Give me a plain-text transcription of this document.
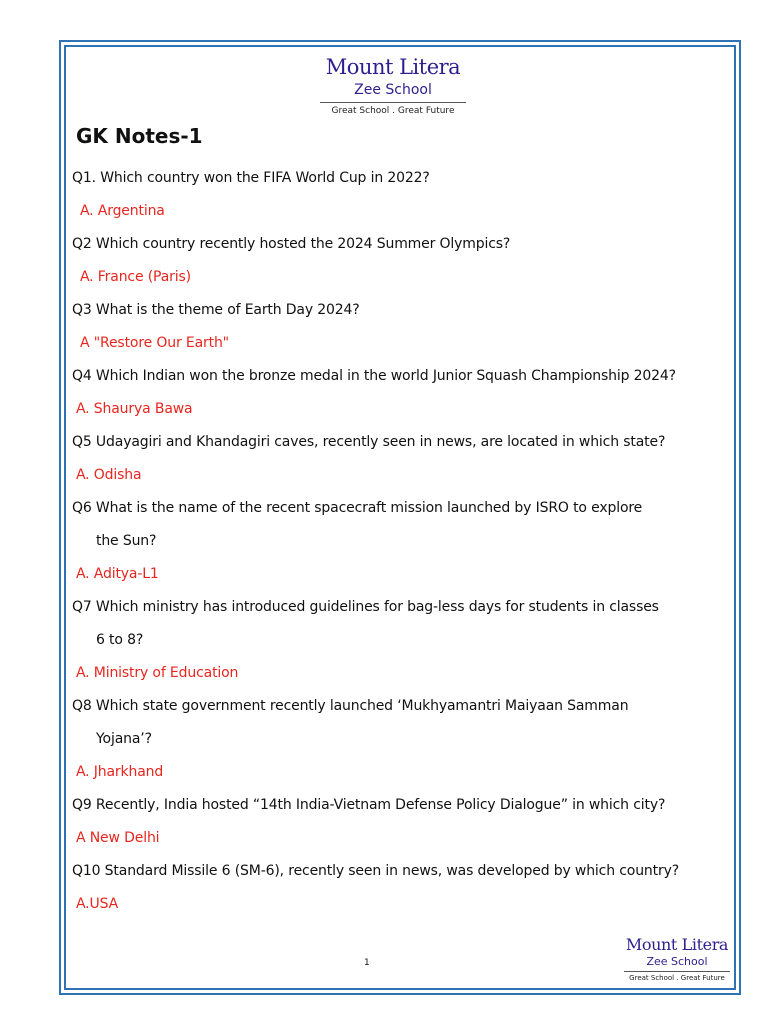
Mount Litera
Zee School
Great School . Great Future
GK Notes-1
Q1. Which country won the FIFA World Cup in 2022?
A. Argentina
Q2 Which country recently hosted the 2024 Summer Olympics?
A. France (Paris)
Q3 What is the theme of Earth Day 2024?
A "Restore Our Earth"
Q4 Which Indian won the bronze medal in the world Junior Squash Championship 2024?
A. Shaurya Bawa
Q5 Udayagiri and Khandagiri caves, recently seen in news, are located in which state?
A. Odisha
Q6 What is the name of the recent spacecraft mission launched by ISRO to explore
the Sun?
A. Aditya-L1
Q7 Which ministry has introduced guidelines for bag-less days for students in classes
6 to 8?
A. Ministry of Education
Q8 Which state government recently launched ‘Mukhyamantri Maiyaan Samman
Yojana’?
A. Jharkhand
Q9 Recently, India hosted “14th India-Vietnam Defense Policy Dialogue” in which city?
A New Delhi
Q10 Standard Missile 6 (SM-6), recently seen in news, was developed by which country?
A.USA
1
Mount Litera
Zee School
Great School . Great Future
